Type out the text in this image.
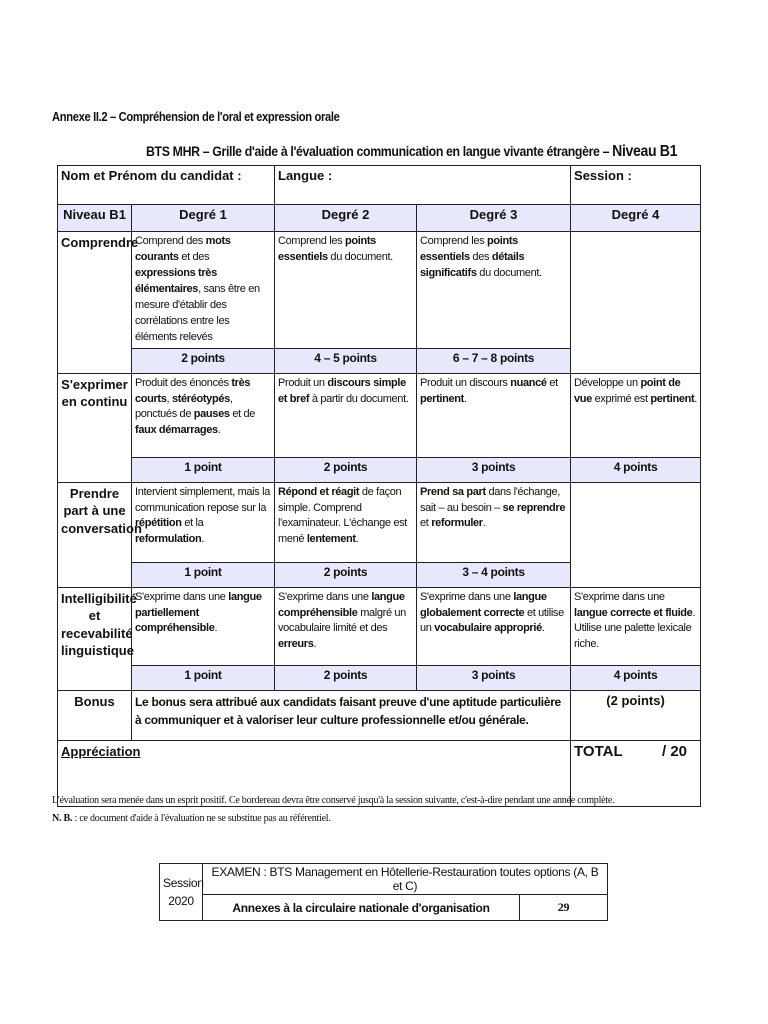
Annexe II.2 – Compréhension de l'oral et expression orale
BTS MHR – Grille d'aide à l'évaluation communication en langue vivante étrangère – Niveau B1
Nom et Prénom du candidat :		Langue :		Session :
Niveau B1	Degré 1	Degré 2	Degré 3	Degré 4
Comprendre	Comprend des mots courants et des expressions très élémentaires, sans être en mesure d'établir des corrélations entre les éléments relevés	Comprend les points essentiels du document.	Comprend les points essentiels des détails significatifs du document.	
	2 points	4 – 5 points	6 – 7 – 8 points	
S'exprimer en continu	Produit des énoncés très courts, stéréotypés, ponctués de pauses et de faux démarrages.	Produit un discours simple et bref à partir du document.	Produit un discours nuancé et pertinent.	Développe un point de vue exprimé est pertinent.
	1 point	2 points	3 points	4 points
Prendre part à une conversation	Intervient simplement, mais la communication repose sur la répétition et la reformulation.	Répond et réagit de façon simple. Comprend l'examinateur. L'échange est mené lentement.	Prend sa part dans l'échange, sait – au besoin – se reprendre et reformuler.	
	1 point	2 points	3 – 4 points	
Intelligibilité et recevabilité linguistique	S'exprime dans une langue partiellement compréhensible.	S'exprime dans une langue compréhensible malgré un vocabulaire limité et des erreurs.	S'exprime dans une langue globalement correcte et utilise un vocabulaire approprié.	S'exprime dans une langue correcte et fluide. Utilise une palette lexicale riche.
	1 point	2 points	3 points	4 points
Bonus	Le bonus sera attribué aux candidats faisant preuve d'une aptitude particulière à communiquer et à valoriser leur culture professionnelle et/ou générale.			(2 points)
Appréciation				TOTAL / 20
L'évaluation sera menée dans un esprit positif. Ce bordereau devra être conservé jusqu'à la session suivante, c'est-à-dire pendant une année complète.
N. B. : ce document d'aide à l'évaluation ne se substitue pas au référentiel.
Session
2020	EXAMEN : BTS Management en Hôtellerie-Restauration toutes options (A, B et C)	
	Annexes à la circulaire nationale d'organisation	29
